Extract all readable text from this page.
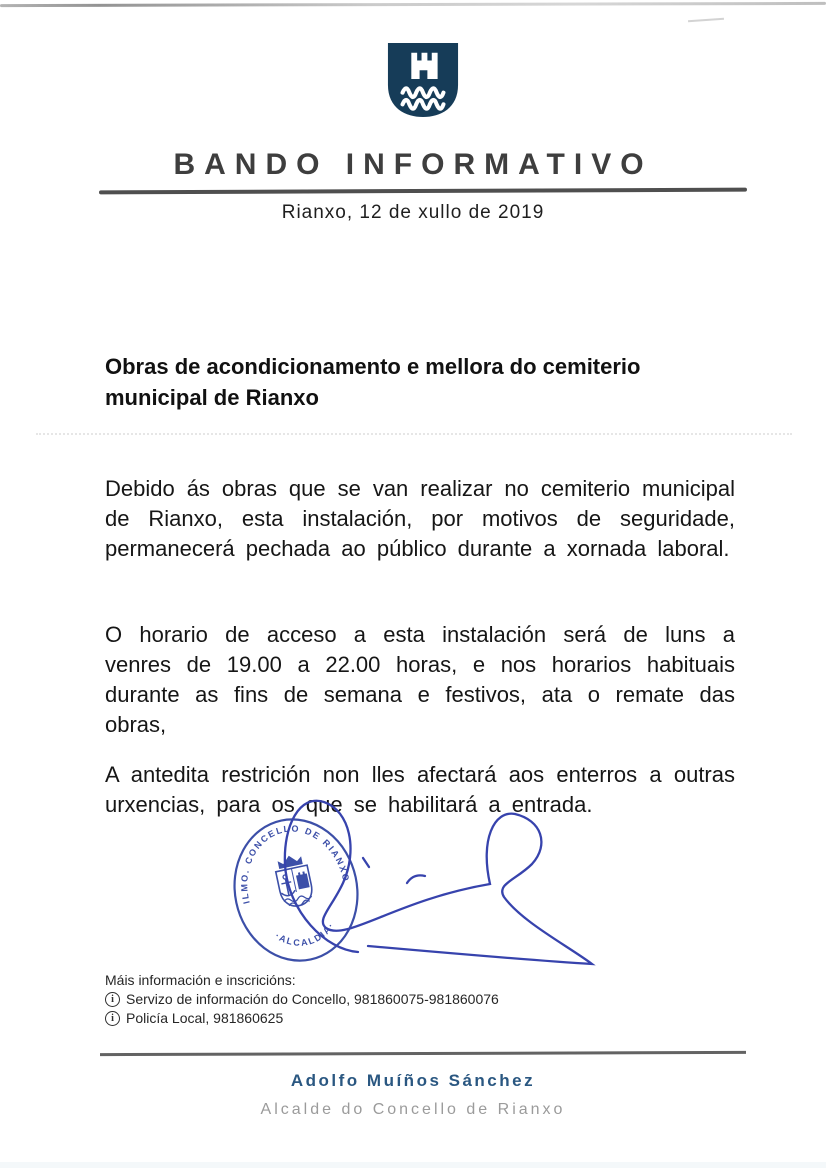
BANDO INFORMATIVO
Rianxo, 12 de xullo de 2019
Obras de acondicionamento e mellora do cemiterio municipal de Rianxo
Debido ás obras que se van realizar no cemiterio municipal de Rianxo, esta instalación, por motivos de seguridade, permanecerá pechada ao público durante a xornada laboral.
O horario de acceso a esta instalación será de luns a venres de 19.00 a 22.00 horas, e nos horarios habituais durante as fins de semana e festivos, ata o remate das obras,
A antedita restrición non lles afectará aos enterros a outras urxencias, para os que se habilitará a entrada.
ILMO. CONCELLO DE RIANXO
·ALCALDIA·
Máis información e inscricións:
i Servizo de información do Concello, 981860075-981860076
i Policía Local, 981860625
Adolfo Muíños Sánchez
Alcalde do Concello de Rianxo
